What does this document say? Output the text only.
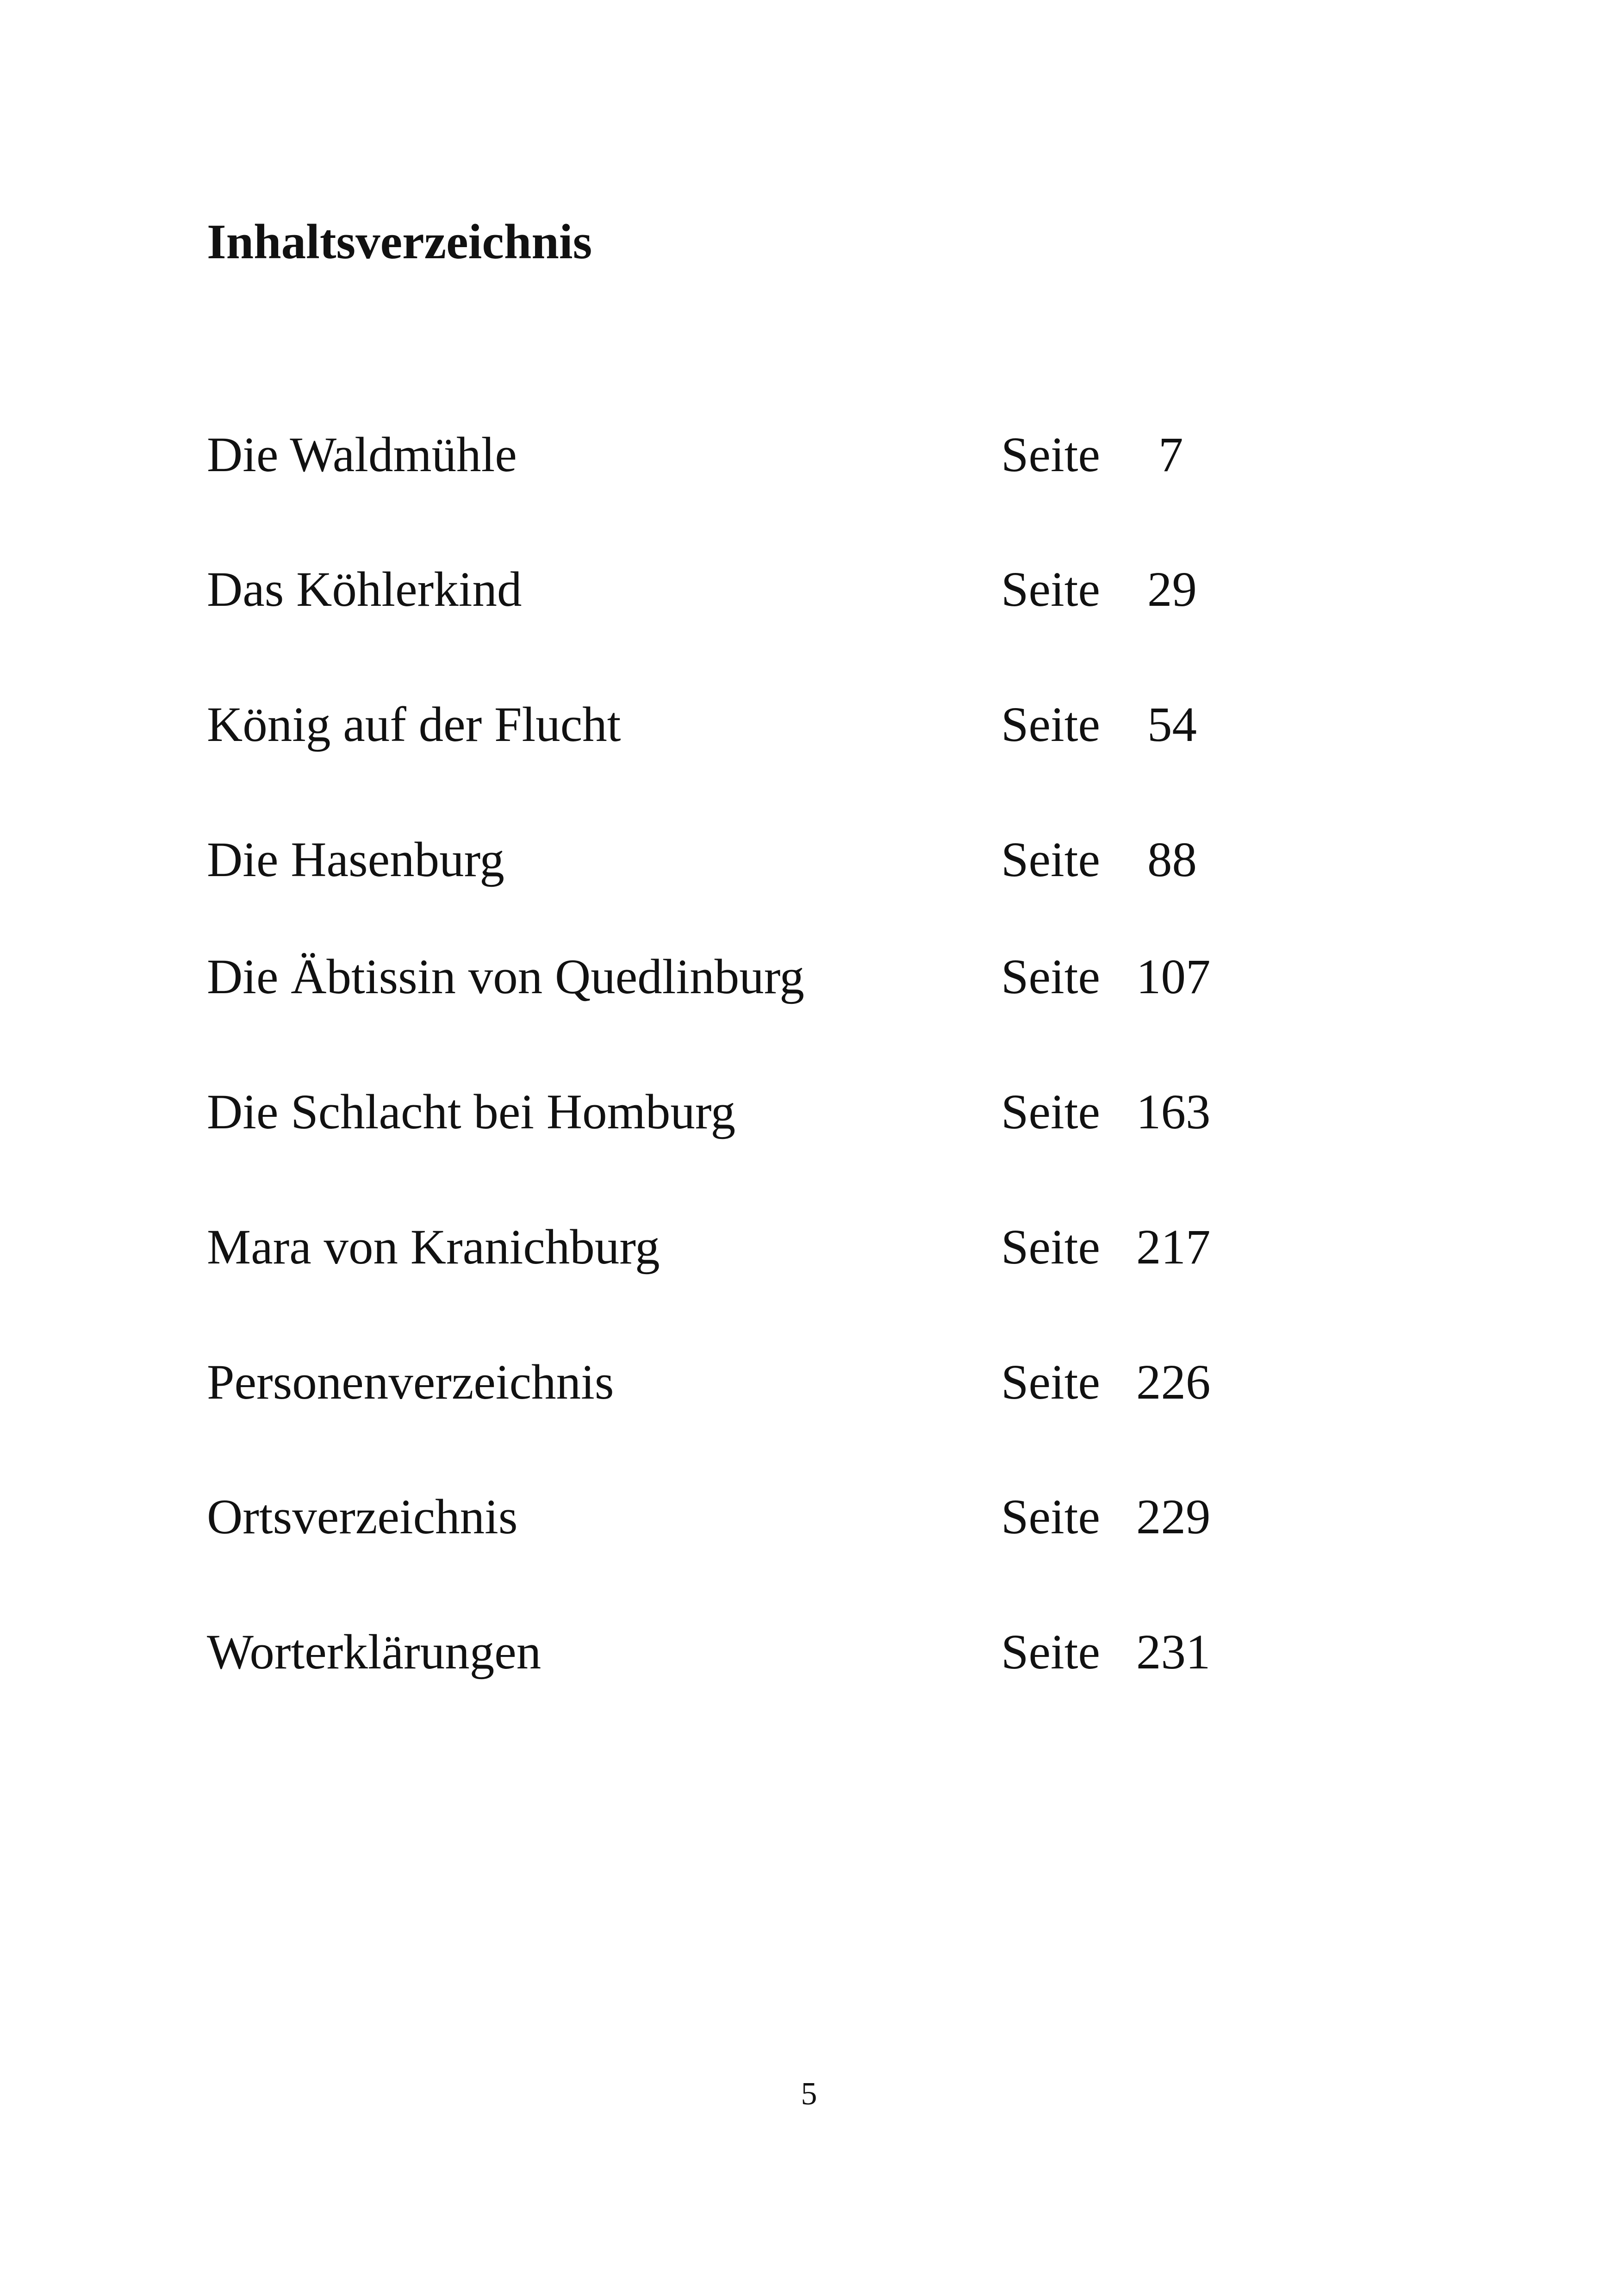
Inhaltsverzeichnis
Die Waldmühle	Seite 7
Das Köhlerkind	Seite 29
König auf der Flucht	Seite 54
Die Hasenburg	Seite 88
Die Äbtissin von Quedlinburg	Seite 107
Die Schlacht bei Homburg	Seite 163
Mara von Kranichburg	Seite 217
Personenverzeichnis	Seite 226
Ortsverzeichnis	Seite 229
Worterklärungen	Seite 231
5
